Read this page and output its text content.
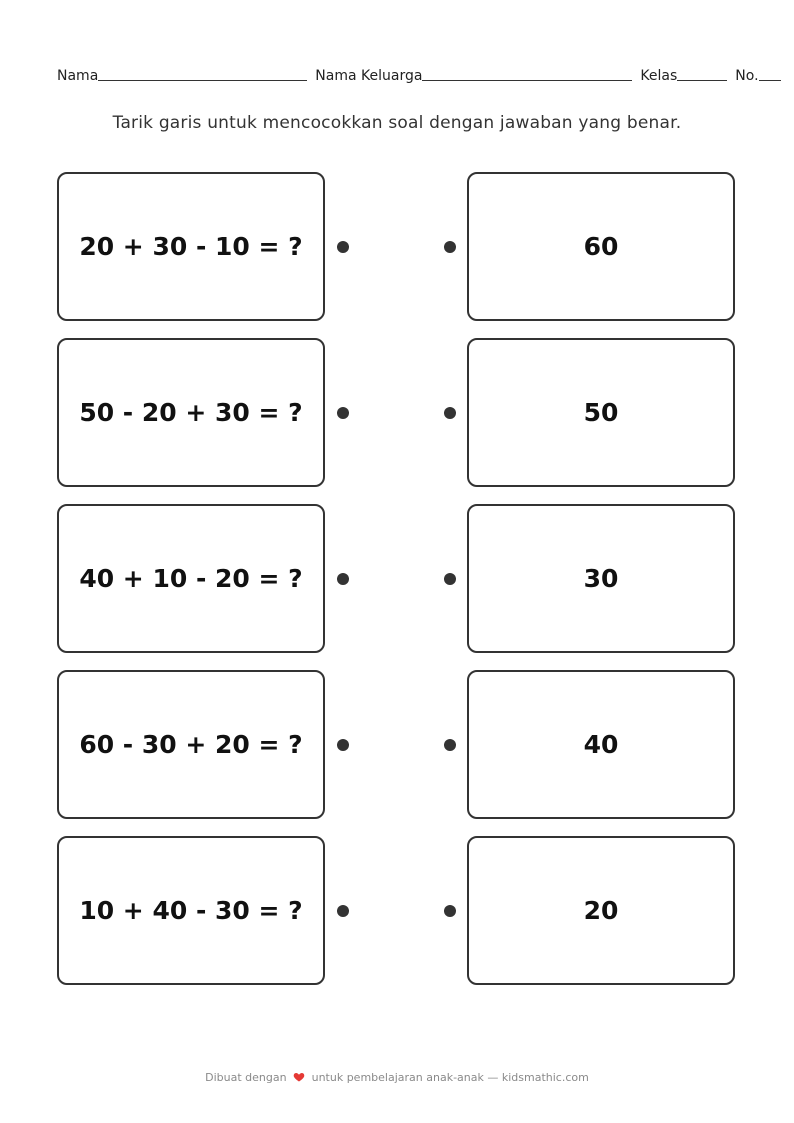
Nama	Nama Keluarga	Kelas	No.
Tarik garis untuk mencocokkan soal dengan jawaban yang benar.
20 + 30 - 10 = ?	60
50 - 20 + 30 = ?	50
40 + 10 - 20 = ?	30
60 - 30 + 20 = ?	40
10 + 40 - 30 = ?	20
Dibuat dengan untuk pembelajaran anak-anak — kidsmathic.com
